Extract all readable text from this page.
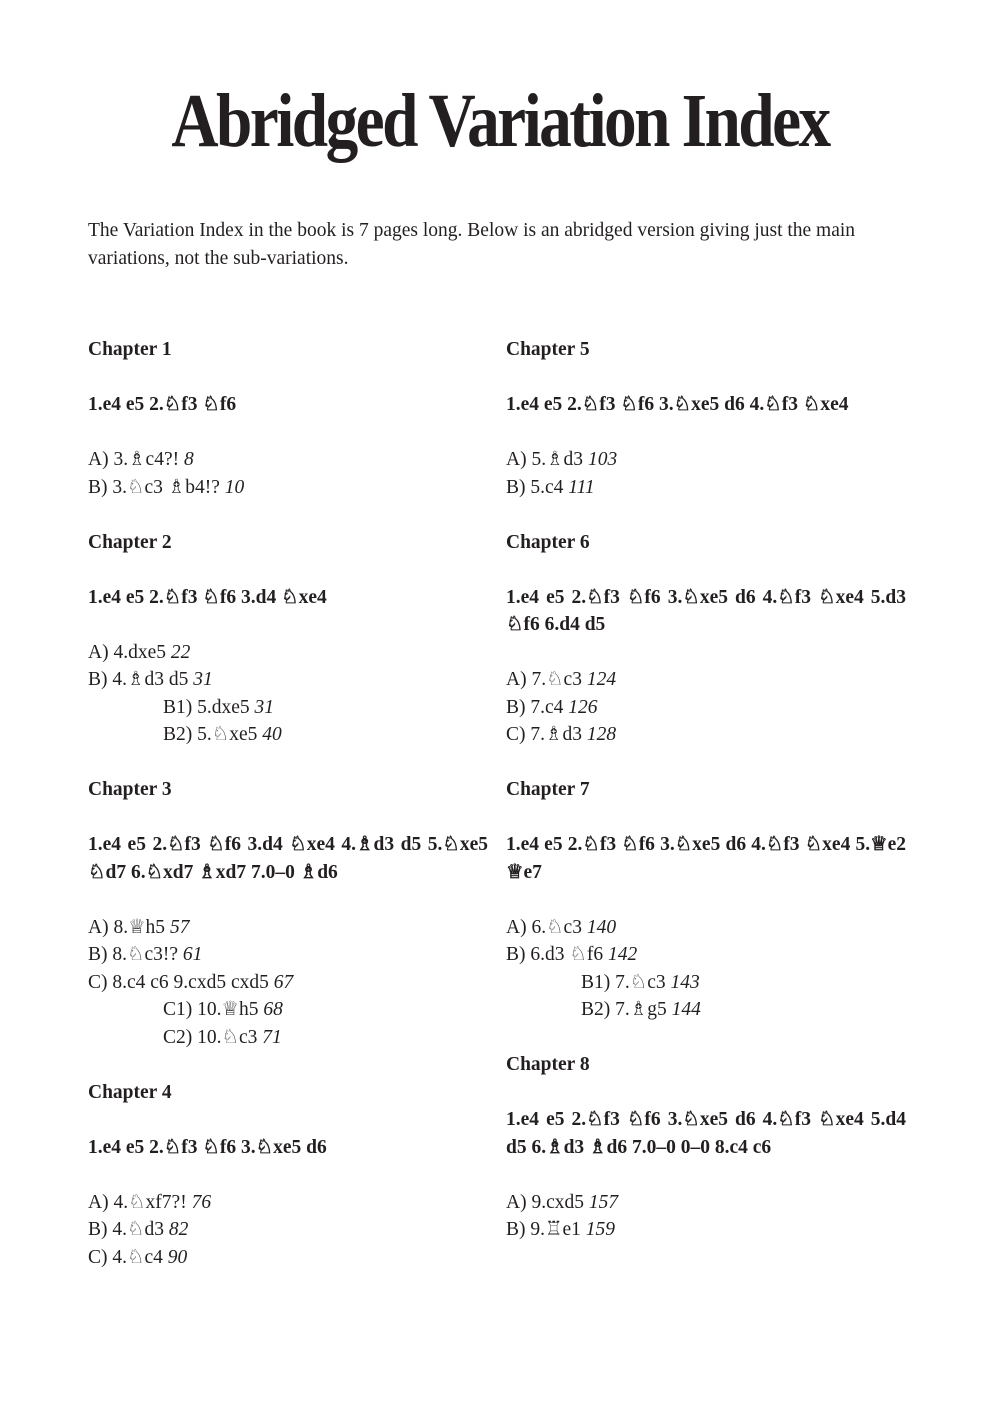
Abridged Variation Index

The Variation Index in the book is 7 pages long. Below is an abridged version giving just the main variations, not the sub-variations.

Chapter 1
1.e4 e5 2.♘f3 ♘f6
A) 3.♗c4?! 8
B) 3.♘c3 ♗b4!? 10
Chapter 2
1.e4 e5 2.♘f3 ♘f6 3.d4 ♘xe4
A) 4.dxe5 22
B) 4.♗d3 d5 31
B1) 5.dxe5 31
B2) 5.♘xe5 40
Chapter 3
1.e4 e5 2.♘f3 ♘f6 3.d4 ♘xe4 4.♗d3 d5 5.♘xe5 ♘d7 6.♘xd7 ♗xd7 7.0–0 ♗d6
A) 8.♕h5 57
B) 8.♘c3!? 61
C) 8.c4 c6 9.cxd5 cxd5 67
C1) 10.♕h5 68
C2) 10.♘c3 71
Chapter 4
1.e4 e5 2.♘f3 ♘f6 3.♘xe5 d6
A) 4.♘xf7?! 76
B) 4.♘d3 82
C) 4.♘c4 90
Chapter 5
1.e4 e5 2.♘f3 ♘f6 3.♘xe5 d6 4.♘f3 ♘xe4
A) 5.♗d3 103
B) 5.c4 111
Chapter 6
1.e4 e5 2.♘f3 ♘f6 3.♘xe5 d6 4.♘f3 ♘xe4 5.d3 ♘f6 6.d4 d5
A) 7.♘c3 124
B) 7.c4 126
C) 7.♗d3 128
Chapter 7
1.e4 e5 2.♘f3 ♘f6 3.♘xe5 d6 4.♘f3 ♘xe4 5.♕e2 ♕e7
A) 6.♘c3 140
B) 6.d3 ♘f6 142
B1) 7.♘c3 143
B2) 7.♗g5 144
Chapter 8
1.e4 e5 2.♘f3 ♘f6 3.♘xe5 d6 4.♘f3 ♘xe4 5.d4 d5 6.♗d3 ♗d6 7.0–0 0–0 8.c4 c6
A) 9.cxd5 157
B) 9.♖e1 159
